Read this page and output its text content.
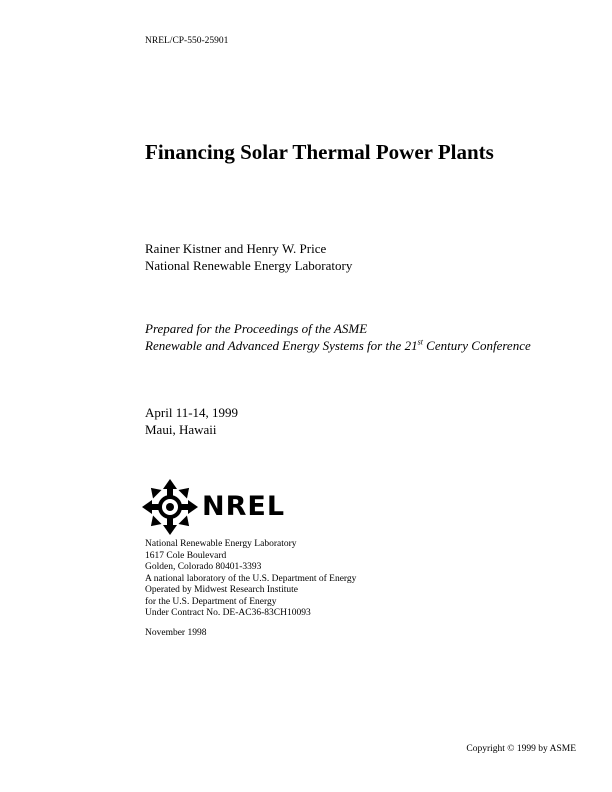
NREL/CP-550-25901
Financing Solar Thermal Power Plants
Rainer Kistner and Henry W. Price
National Renewable Energy Laboratory
Prepared for the Proceedings of the ASME
Renewable and Advanced Energy Systems for the 21st Century Conference
April 11-14, 1999
Maui, Hawaii
NREL
National Renewable Energy Laboratory
1617 Cole Boulevard
Golden, Colorado 80401-3393
A national laboratory of the U.S. Department of Energy
Operated by Midwest Research Institute
for the U.S. Department of Energy
Under Contract No. DE-AC36-83CH10093
November 1998
Copyright © 1999 by ASME
